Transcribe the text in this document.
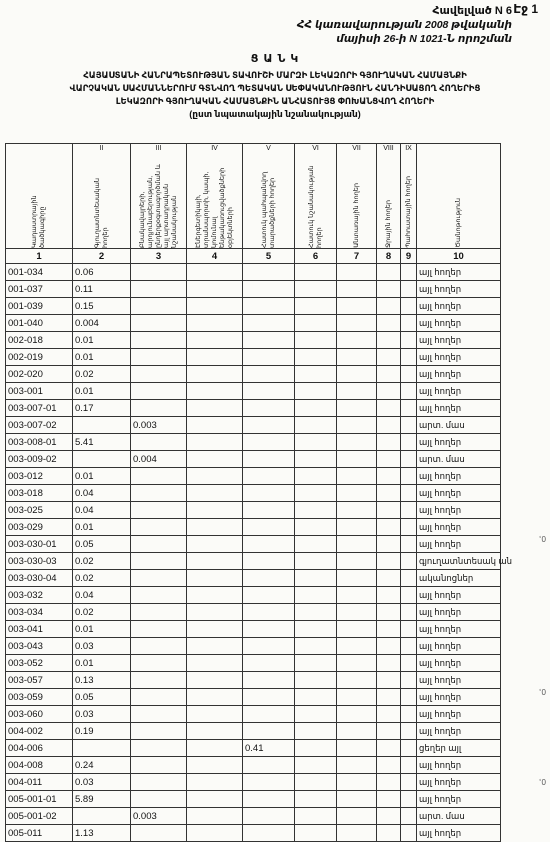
Էջ 1
Հավելված N 6
ՀՀ կառավարության 2008 թվականի
մայիսի 26-ի N 1021-Ն որոշման
Ց Ա Ն Կ
ՀԱՅԱՍՏԱՆԻ ՀԱՆՐԱՊԵՏՈՒԹՅԱՆ ՏԱՎՈՒՇԻ ՄԱՐԶԻ ԼԵԿԱԶՈՐԻ ԳՅՈՒՂԱԿԱՆ ՀԱՄԱՅՆՔԻ
ՎԱՐՉԱԿԱՆ ՍԱՀՄԱՆՆԵՐՈՒՄ ԳՏՆՎՈՂ ՊԵՏԱԿԱՆ ՍԵՓԱԿԱՆՈՒԹՅՈՒՆ ՀԱՆԴԻՍԱՑՈՂ ՀՈՂԵՐԻՑ
ԼԵԿԱԶՈՐԻ ԳՅՈՒՂԱԿԱՆ ՀԱՄԱՅՆՔԻՆ ԱՆՀԱՏՈՒՅՑ ՓՈԽԱՆՑՎՈՂ ՀՈՂԵՐԻ
(ըստ նպատակային նշանակության)
	II	III	IV	V	VI	VII	VIII	IX	

Կադաստրային ծածկագիրը	Գյուղատնտեսական հողեր	Բնակավայրերի, արդյունաբերության, ընդերքօգտագործման և այլ արտադրական նշանակության	Էներգետիկայի, տրանսպորտի, կապի, կոմունալ ենթակառուցվածքների օբյեկտների	Հատուկ պահպանվող տարածքների հողեր	Հատուկ նշանակության հողեր	Անտառային հողեր	Ջրային հողեր	Պահուստային հողեր	Ծանոթություն

1	2	3	4	5	6	7	8	9	10
001-034	0.06								այլ հողեր
001-037	0.11								այլ հողեր
001-039	0.15								այլ հողեր
001-040	0.004								այլ հողեր
002-018	0.01								այլ հողեր
002-019	0.01								այլ հողեր
002-020	0.02								այլ հողեր
003-001	0.01								այլ հողեր
003-007-01	0.17								այլ հողեր
003-007-02		0.003							արտ. մաս
003-008-01	5.41								այլ հողեր
003-009-02		0.004							արտ. մաս
003-012	0.01								այլ հողեր
003-018	0.04								այլ հողեր
003-025	0.04								այլ հողեր
003-029	0.01								այլ հողեր
003-030-01	0.05								այլ հողեր
003-030-03	0.02								գյուղատնտեսակ ան
003-030-04	0.02								ականոցներ
003-032	0.04								այլ հողեր
003-034	0.02								այլ հողեր
003-041	0.01								այլ հողեր
003-043	0.03								այլ հողեր
003-052	0.01								այլ հողեր
003-057	0.13								այլ հողեր
003-059	0.05								այլ հողեր
003-060	0.03								այլ հողեր
004-002	0.19								այլ հողեր
004-006				0.41					ցեղեր այլ
004-008	0.24								այլ հողեր
004-011	0.03								այլ հողեր
005-001-01	5.89								այլ հողեր
005-001-02		0.003							արտ. մաս
005-011	1.13								այլ հողեր
ՙ0
ՙ0
ՙ0
